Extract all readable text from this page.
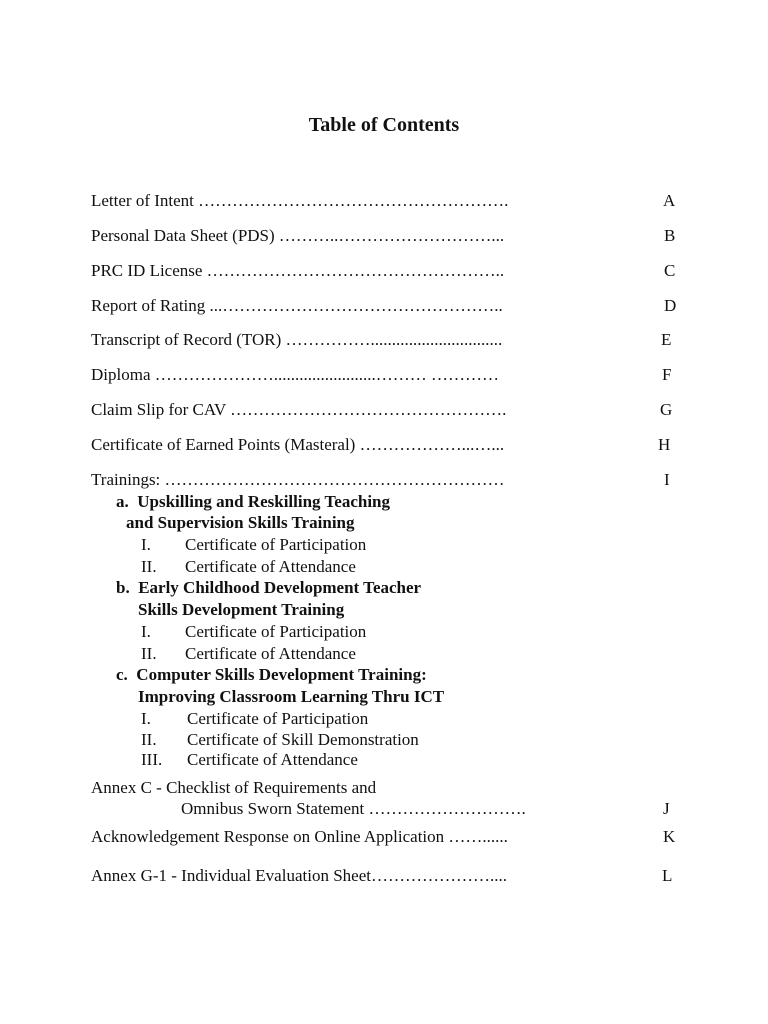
Table of Contents
Letter of Intent ……………………………………………….	A
Personal Data Sheet (PDS) ………..………………………...	B
PRC ID License ……………………………………………..	C
Report of Rating ...…………………………………………..	D
Transcript of Record (TOR) ……………...............................	E
Diploma …………………........................……… …………	F
Claim Slip for CAV ………………………………………….	G
Certificate of Earned Points (Masteral) ………………...…...	H
Trainings: ……………………………………………………	I
a.  Upskilling and Reskilling Teaching
and Supervision Skills Training
I. Certificate of Participation
II. Certificate of Attendance
b.  Early Childhood Development Teacher
Skills Development Training
I. Certificate of Participation
II. Certificate of Attendance
c.  Computer Skills Development Training:
Improving Classroom Learning Thru ICT
I. Certificate of Participation
II. Certificate of Skill Demonstration
III. Certificate of Attendance
Annex C - Checklist of Requirements and
Omnibus Sworn Statement ……………………….	J
Acknowledgement Response on Online Application ……......	K
Annex G-1 - Individual Evaluation Sheet…………………....	L
